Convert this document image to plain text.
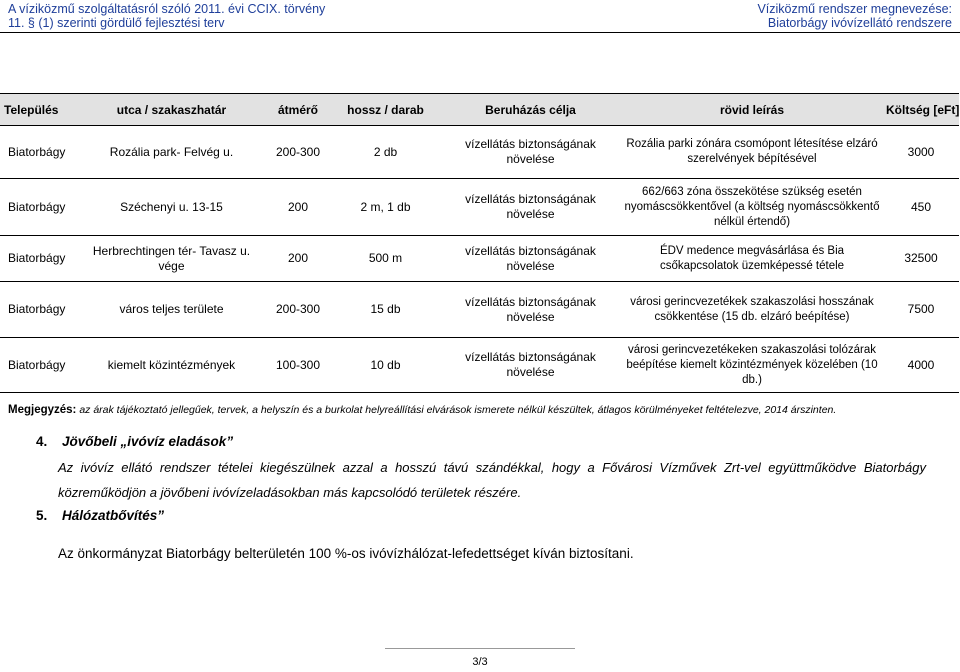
A víziközmű szolgáltatásról szóló 2011. évi CCIX. törvény
11. § (1) szerinti gördülő fejlesztési terv
Víziközmű rendszer megnevezése:
Biatorbágy ivóvízellátó rendszere
Település	utca / szakaszhatár	átmérő	hossz / darab	Beruházás célja	rövid leírás	Költség [eFt]
Biatorbágy	Rozália park- Felvég u.	200-300	2 db	vízellátás biztonságának növelése	Rozália parki zónára csomópont létesítése elzáró szerelvények bépítésével	3000
Biatorbágy	Széchenyi u. 13-15	200	2 m, 1 db	vízellátás biztonságának növelése	662/663 zóna összekötése szükség esetén nyomáscsökkentővel (a költség nyomáscsökkentő nélkül értendő)	450
Biatorbágy	Herbrechtingen tér- Tavasz u. vége	200	500 m	vízellátás biztonságának növelése	ÉDV medence megvásárlása és Bia csőkapcsolatok üzemképessé tétele	32500
Biatorbágy	város teljes területe	200-300	15 db	vízellátás biztonságának növelése	városi gerincvezetékek szakaszolási hosszának csökkentése (15 db. elzáró beépítése)	7500
Biatorbágy	kiemelt közintézmények	100-300	10 db	vízellátás biztonságának növelése	városi gerincvezetékeken szakaszolási tolózárak beépítése kiemelt közintézmények közelében (10 db.)	4000
Megjegyzés: az árak tájékoztató jellegűek, tervek, a helyszín és a burkolat helyreállítási elvárások ismerete nélkül készültek, átlagos körülményeket feltételezve, 2014 árszinten.
4. Jövőbeli „ivóvíz eladások”
Az ivóvíz ellátó rendszer tételei kiegészülnek azzal a hosszú távú szándékkal, hogy a Fővárosi Vízművek Zrt-vel együttműködve Biatorbágy közreműködjön a jövőbeni ivóvízeladásokban más kapcsolódó területek részére.
5. Hálózatbővítés”
Az önkormányzat Biatorbágy belterületén 100 %-os ivóvízhálózat-lefedettséget kíván biztosítani.
3/3
